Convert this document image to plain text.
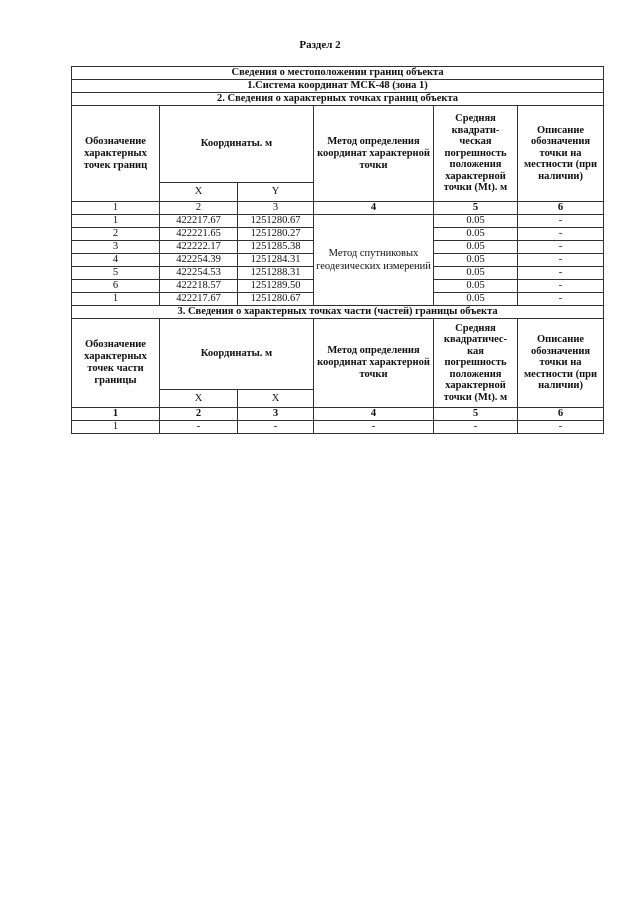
Раздел 2
Сведения о местоположении границ объекта					
1.Система координат МСК-48 (зона 1)					
2. Сведения о характерных точках границ объекта					
Обозначение характерных точек границ	Координаты. м		Метод определения координат характерной точки	Средняя квадрати-ческая погрешность положения характерной точки (Mt). м	Описание обозначения точки на местности (при наличии)
	X	Y			
1	2	3	4	5	6
1	422217.67	1251280.67	Метод спутниковых геодезических измерений	0.05	-
2	422221.65	1251280.27		0.05	-
3	422222.17	1251285.38		0.05	-
4	422254.39	1251284.31		0.05	-
5	422254.53	1251288.31		0.05	-
6	422218.57	1251289.50		0.05	-
1	422217.67	1251280.67		0.05	-
3. Сведения о характерных точках части (частей) границы объекта					
Обозначение характерных точек части границы	Координаты. м		Метод определения координат характерной точки	Средняя квадратичес-кая погрешность положения характерной точки (Mt). м	Описание обозначения точки на местности (при наличии)
	X	X			
1	2	3	4	5	6
1	-	-	-	-	-
